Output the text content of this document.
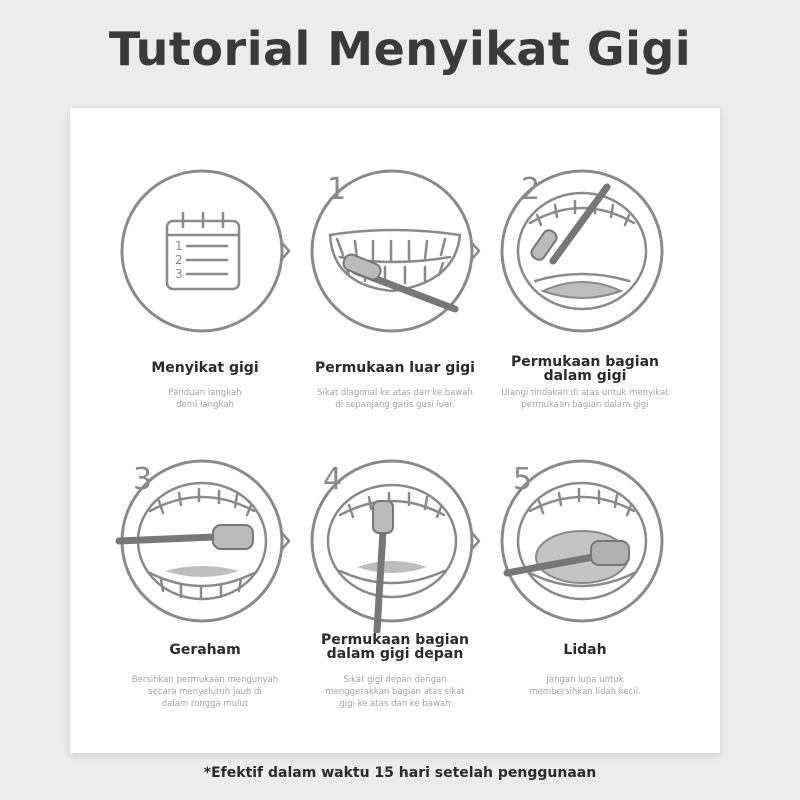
Tutorial Menyikat Gigi
1
2
3
Menyikat gigi
Panduan langkah
demi langkah
1
Permukaan luar gigi
Sikat diagonal ke atas dan ke bawah
di sepanjang garis gusi luar.
2
Permukaan bagian
dalam gigi
Ulangi tindakan di atas untuk menyikat
permukaan bagian dalam gigi
3
Geraham
Bersihkan permukaan mengunyah
secara menyeluruh jauh di
dalam rongga mulut
4
Permukaan bagian
dalam gigi depan
Sikat gigi depan dengan
menggerakkan bagian atas sikat
gigi ke atas dan ke bawah
5
Lidah
Jangan lupa untuk
membersihkan lidah kecil.
*Efektif dalam waktu 15 hari setelah penggunaan
